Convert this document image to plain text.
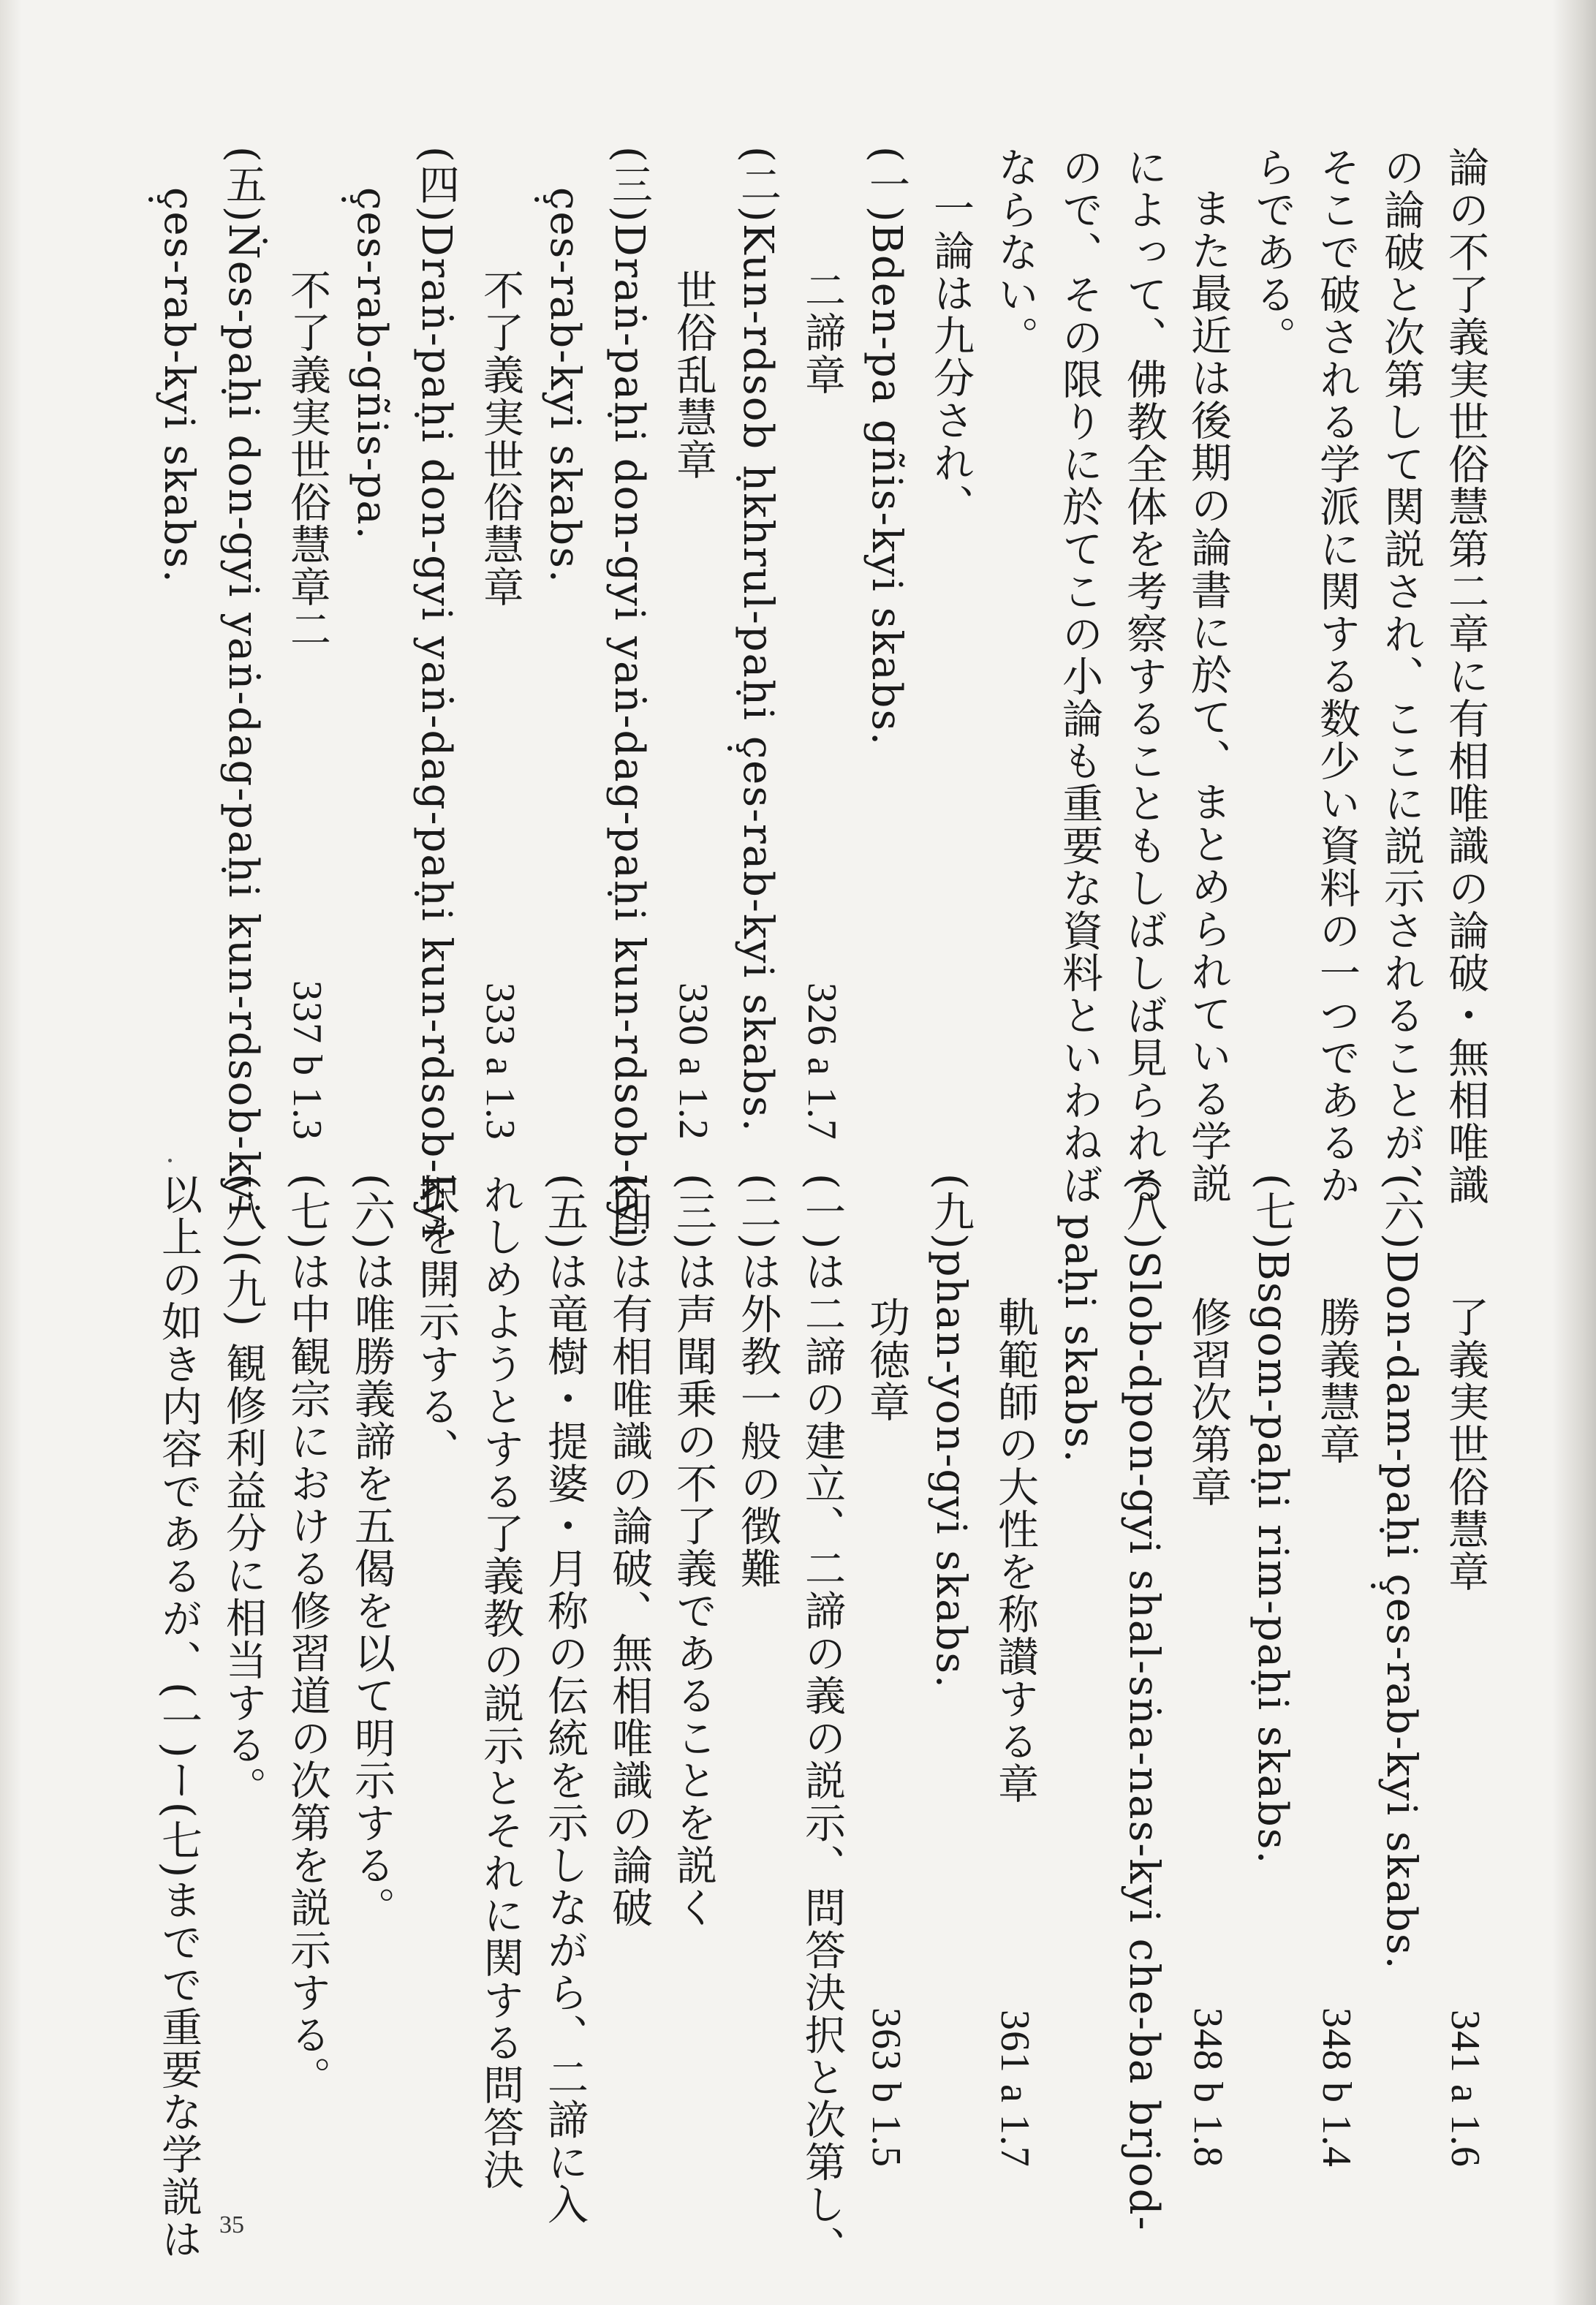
論の不了義実世俗慧第二章に有相唯識の論破・無相唯識
の論破と次第して関説され、ここに説示されることが、
そこで破される学派に関する数少い資料の一つであるか
らである。
また最近は後期の論書に於て、まとめられている学説
によって、佛教全体を考察することもしばしば見られる
ので、その限りに於てこの小論も重要な資料といわねば
ならない。
一論は九分され、
(一)Bden-pa gñis-kyi skabs.
二諦章
326 a 1.7
(二)Kun-rdsob ḥkhrul-paḥi ç̣es-rab-kyi skabs.
世俗乱慧章
330 a 1.2
(三)Draṅ-paḥi don-gyi yaṅ-dag-paḥi kun-rdsob-kyi
ç̣es-rab-kyi skabs.
不了義実世俗慧章
333 a 1.3
(四)Draṅ-paḥi don-gyi yaṅ-dag-paḥi kun-rdsob-kyi
ç̣es-rab-gñis-pa.
不了義実世俗慧章二
337 b 1.3
(五)Ṅes-paḥi don-gyi yaṅ-dag-paḥi kun-rdsob-kyi
ç̣es-rab-kyi skabs.
了義実世俗慧章
341 a 1.6
(六)Don-dam-paḥi ç̣es-rab-kyi skabs.
勝義慧章
348 b 1.4
(七)Bsgom-paḥi rim-paḥi skabs.
修習次第章
348 b 1.8
(八)Slob-dpon-gyi shal-sṅa-nas-kyi che-ba brjod-
paḥi skabs.
軌範師の大性を称讃する章
361 a 1.7
(九)phan-yon-gyi skabs.
功徳章
363 b 1.5
(一)は二諦の建立、二諦の義の説示、問答決択と次第し、
(二)は外教一般の徴難
(三)は声聞乗の不了義であることを説く
(四)は有相唯識の論破、無相唯識の論破
(五)は竜樹・提婆・月称の伝統を示しながら、二諦に入
れしめようとする了義教の説示とそれに関する問答決
択を開示する、
(六)は唯勝義諦を五偈を以て明示する。
(七)は中観宗における修習道の次第を説示する。
(八)(九) 観修利益分に相当する。
以上の如き内容であるが、(一)ー(七)までで重要な学説は 35
